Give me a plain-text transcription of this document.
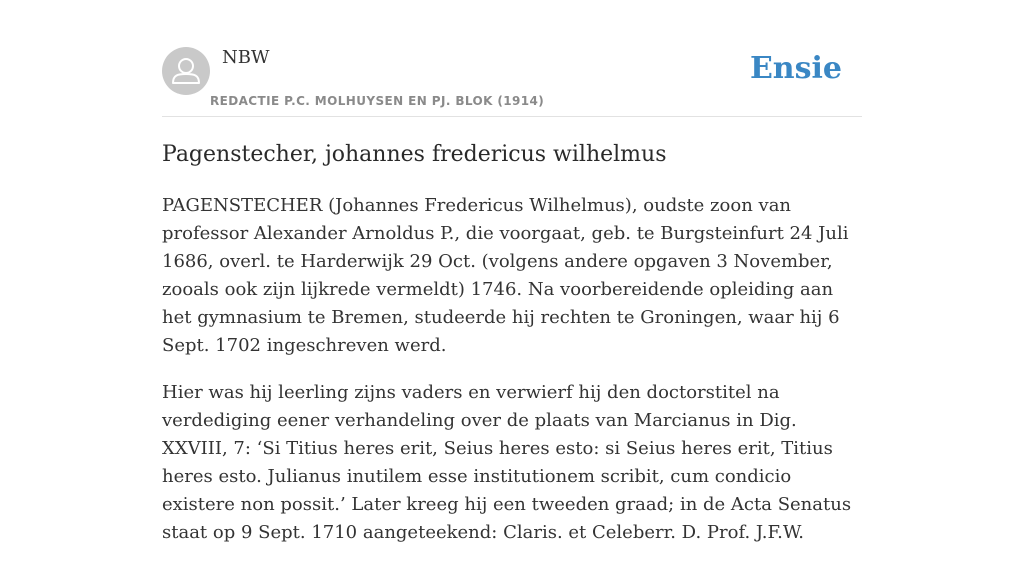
NBW
REDACTIE P.C. MOLHUYSEN EN PJ. BLOK (1914)
Ensie
Pagenstecher, johannes fredericus wilhelmus

PAGENSTECHER (Johannes Fredericus Wilhelmus), oudste zoon van professor Alexander Arnoldus P., die voorgaat, geb. te Burgsteinfurt 24 Juli 1686, overl. te Harderwijk 29 Oct. (volgens andere opgaven 3 November, zooals ook zijn lijkrede vermeldt) 1746. Na voorbereidende opleiding aan het gymnasium te Bremen, studeerde hij rechten te Groningen, waar hij 6 Sept. 1702 ingeschreven werd.

Hier was hij leerling zijns vaders en verwierf hij den doctorstitel na verdediging eener verhandeling over de plaats van Marcianus in Dig. XXVIII, 7: ‘Si Titius heres erit, Seius heres esto: si Seius heres erit, Titius heres esto. Julianus inutilem esse institutionem scribit, cum condicio existere non possit.’ Later kreeg hij een tweeden graad; in de Acta Senatus staat op 9 Sept. 1710 aangeteekend: Claris. et Celeberr. D. Prof. J.F.W.
